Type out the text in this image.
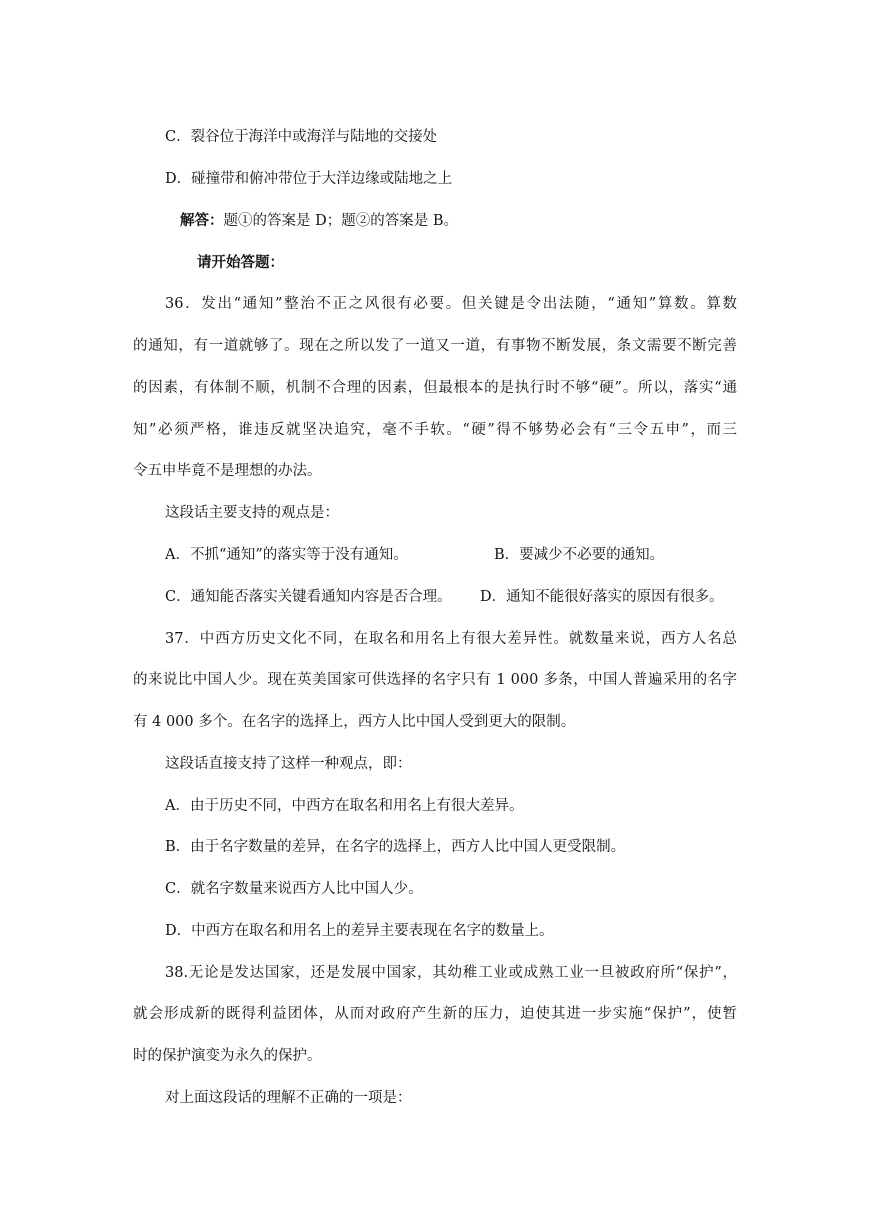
C．裂谷位于海洋中或海洋与陆地的交接处
D．碰撞带和俯冲带位于大洋边缘或陆地之上
解答：题①的答案是 D；题②的答案是 B。
请开始答题：
36．发出“通知”整治不正之风很有必要。但关键是令出法随，“通知”算数。算数
的通知，有一道就够了。现在之所以发了一道又一道，有事物不断发展，条文需要不断完善
的因素，有体制不顺，机制不合理的因素，但最根本的是执行时不够“硬”。所以，落实“通
知”必须严格，谁违反就坚决追究，毫不手软。“硬”得不够势必会有“三令五申”，而三
令五申毕竟不是理想的办法。
这段话主要支持的观点是：
A．不抓“通知”的落实等于没有通知。	B．要减少不必要的通知。
C．通知能否落实关键看通知内容是否合理。 D．通知不能很好落实的原因有很多。
37．中西方历史文化不同，在取名和用名上有很大差异性。就数量来说，西方人名总
的来说比中国人少。现在英美国家可供选择的名字只有 1 000 多条，中国人普遍采用的名字
有 4 000 多个。在名字的选择上，西方人比中国人受到更大的限制。
这段话直接支持了这样一种观点，即：
A．由于历史不同，中西方在取名和用名上有很大差异。
B．由于名字数量的差异，在名字的选择上，西方人比中国人更受限制。
C．就名字数量来说西方人比中国人少。
D．中西方在取名和用名上的差异主要表现在名字的数量上。
38.无论是发达国家，还是发展中国家，其幼稚工业或成熟工业一旦被政府所“保护”，
就会形成新的既得利益团体，从而对政府产生新的压力，迫使其进一步实施“保护”，使暂
时的保护演变为永久的保护。
对上面这段话的理解不正确的一项是：
